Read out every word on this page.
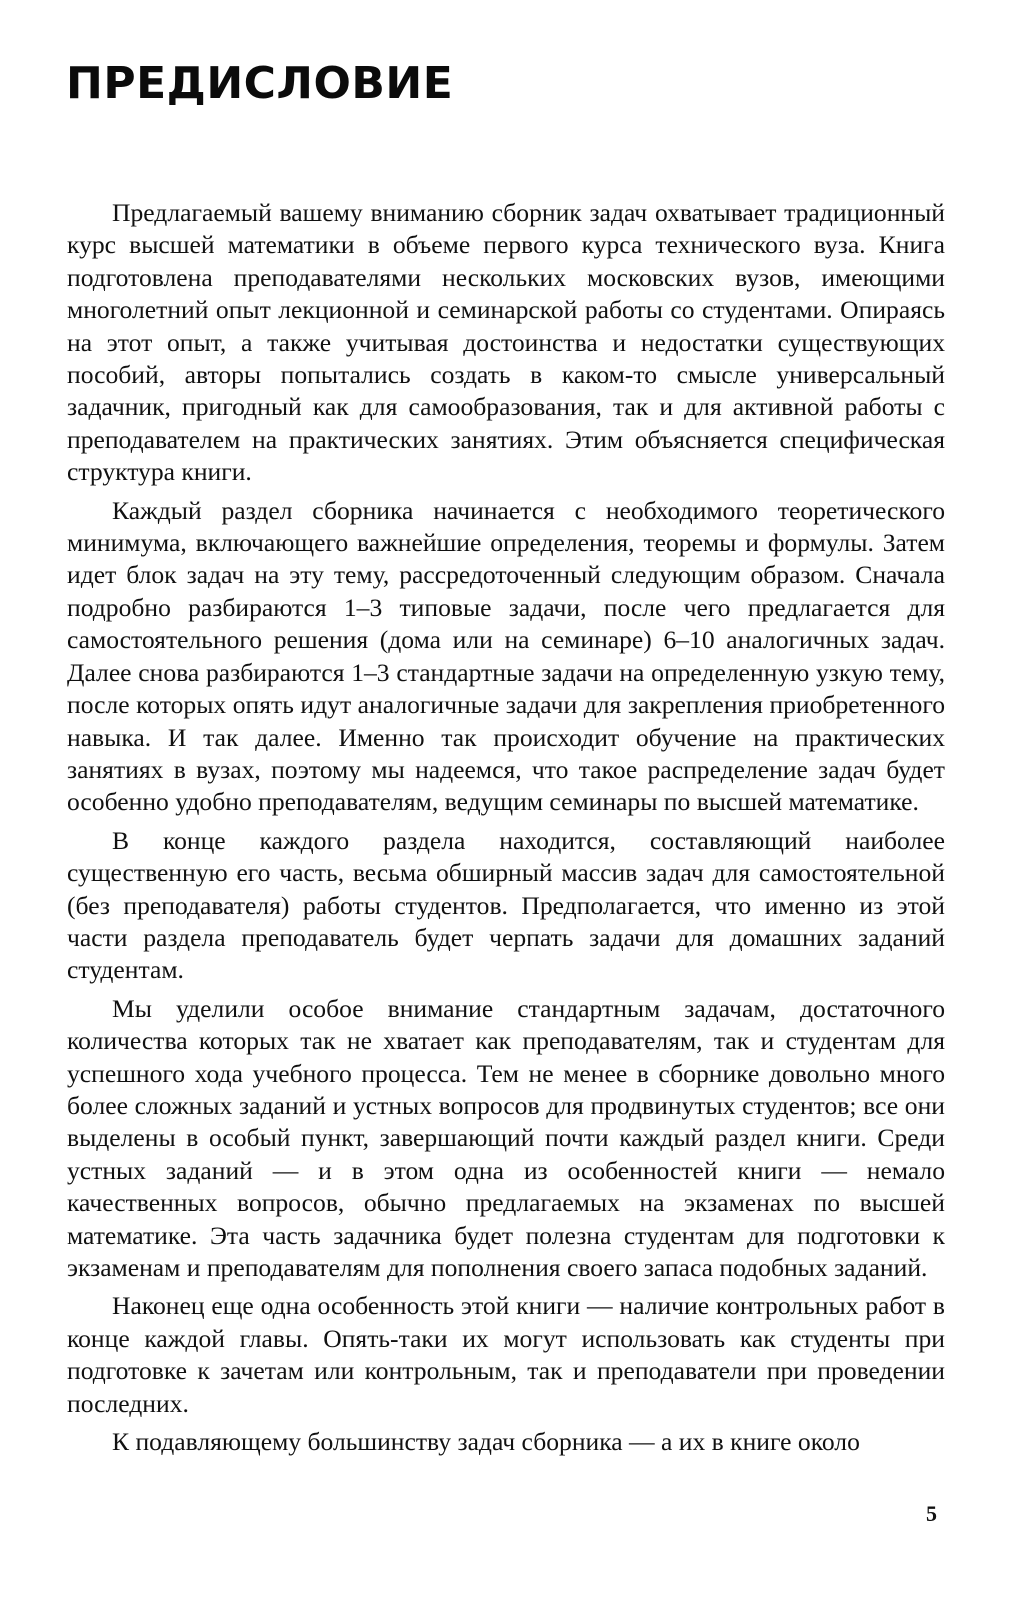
ПРЕДИСЛОВИЕ

Предлагаемый вашему вниманию сборник задач охватывает традиционный курс высшей математики в объеме первого курса технического вуза. Книга подготовлена преподавателями нескольких московских вузов, имеющими многолетний опыт лекционной и семинарской работы со студентами. Опираясь на этот опыт, а также учитывая достоинства и недостатки существующих пособий, авторы попытались создать в каком-то смысле универсальный задачник, пригодный как для самообразования, так и для активной работы с преподавателем на практических занятиях. Этим объясняется специфическая структура книги.

Каждый раздел сборника начинается с необходимого теоретического минимума, включающего важнейшие определения, теоремы и формулы. Затем идет блок задач на эту тему, рассредоточенный следующим образом. Сначала подробно разбираются 1–3 типовые задачи, после чего предлагается для самостоятельного решения (дома или на семинаре) 6–10 аналогичных задач. Далее снова разбираются 1–3 стандартные задачи на определенную узкую тему, после которых опять идут аналогичные задачи для закрепления приобретенного навыка. И так далее. Именно так происходит обучение на практических занятиях в вузах, поэтому мы надеемся, что такое распределение задач будет особенно удобно преподавателям, ведущим семинары по высшей математике.

В конце каждого раздела находится, составляющий наиболее существенную его часть, весьма обширный массив задач для самостоятельной (без преподавателя) работы студентов. Предполагается, что именно из этой части раздела преподаватель будет черпать задачи для домашних заданий студентам.

Мы уделили особое внимание стандартным задачам, достаточного количества которых так не хватает как преподавателям, так и студентам для успешного хода учебного процесса. Тем не менее в сборнике довольно много более сложных заданий и устных вопросов для продвинутых студентов; все они выделены в особый пункт, завершающий почти каждый раздел книги. Среди устных заданий — и в этом одна из особенностей книги — немало качественных вопросов, обычно предлагаемых на экзаменах по высшей математике. Эта часть задачника будет полезна студентам для подготовки к экзаменам и преподавателям для пополнения своего запаса подобных заданий.

Наконец еще одна особенность этой книги — наличие контрольных работ в конце каждой главы. Опять-таки их могут использовать как студенты при подготовке к зачетам или контрольным, так и преподаватели при проведении последних.

К подавляющему большинству задач сборника — а их в книге около

5
